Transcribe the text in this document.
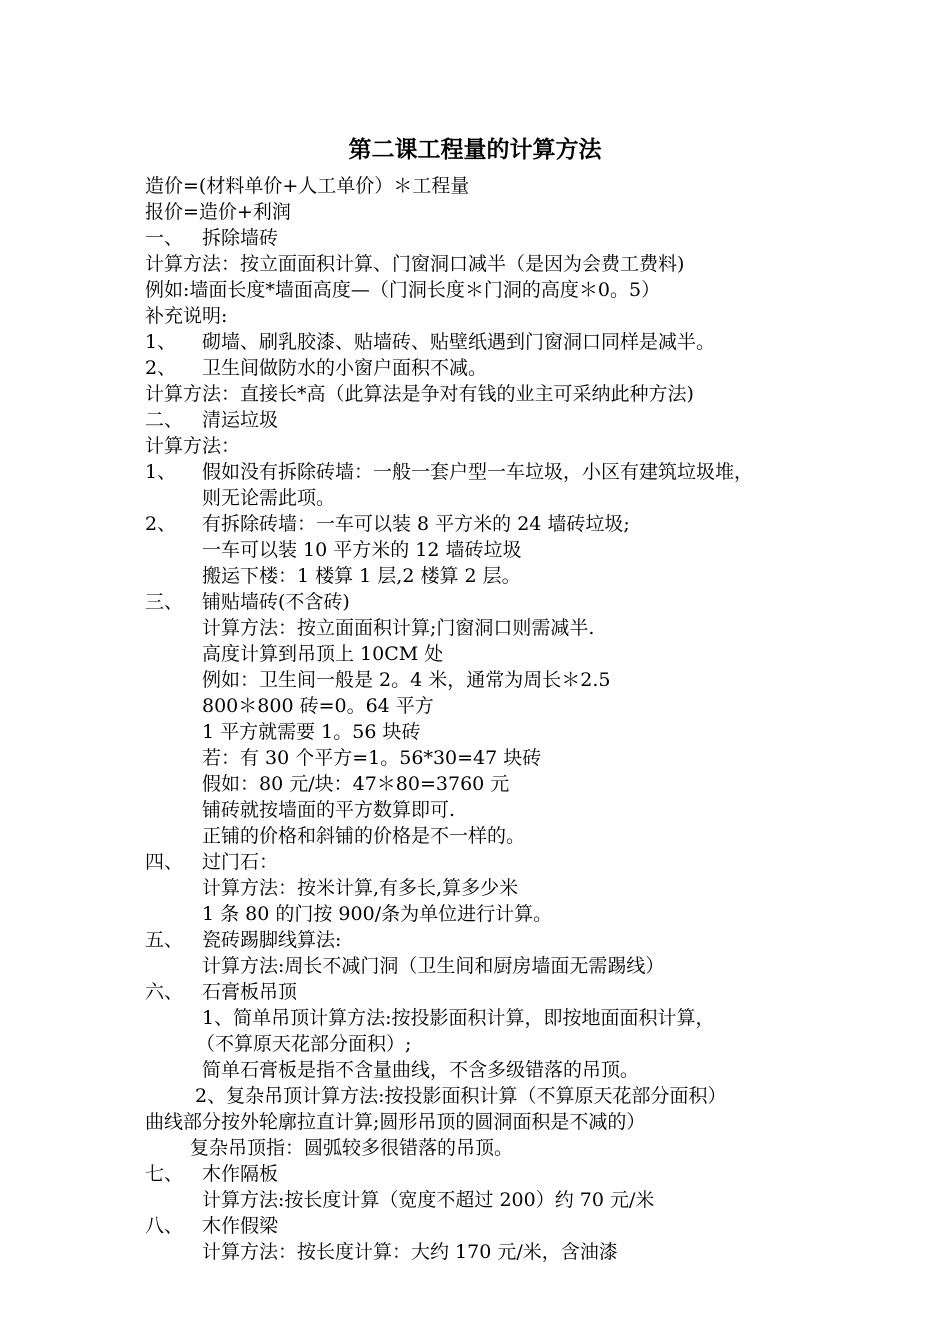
第二课工程量的计算方法
造价=(材料单价+人工单价）＊工程量
报价=造价+利润
一、 拆除墙砖
计算方法：按立面面积计算、门窗洞口减半（是因为会费工费料)
例如:墙面长度*墙面高度—（门洞长度＊门洞的高度＊0。5）
补充说明:
1、 砌墙、刷乳胶漆、贴墙砖、贴壁纸遇到门窗洞口同样是减半。
2、 卫生间做防水的小窗户面积不减。
计算方法：直接长*高（此算法是争对有钱的业主可采纳此种方法)
二、 清运垃圾
计算方法：
1、 假如没有拆除砖墙：一般一套户型一车垃圾，小区有建筑垃圾堆，
则无论需此项。
2、 有拆除砖墙：一车可以装 8 平方米的 24 墙砖垃圾;
一车可以装 10 平方米的 12 墙砖垃圾
搬运下楼：1 楼算 1 层,2 楼算 2 层。
三、 铺贴墙砖(不含砖)
计算方法：按立面面积计算;门窗洞口则需减半.
高度计算到吊顶上 10CM 处
例如：卫生间一般是 2。4 米，通常为周长＊2.5
800＊800 砖=0。64 平方
1 平方就需要 1。56 块砖
若：有 30 个平方=1。56*30=47 块砖
假如：80 元/块：47＊80=3760 元
铺砖就按墙面的平方数算即可.
正铺的价格和斜铺的价格是不一样的。
四、 过门石：
计算方法：按米计算,有多长,算多少米
1 条 80 的门按 900/条为单位进行计算。
五、 瓷砖踢脚线算法:
计算方法:周长不减门洞（卫生间和厨房墙面无需踢线）
六、 石膏板吊顶
1、简单吊顶计算方法:按投影面积计算，即按地面面积计算，
（不算原天花部分面积）;
简单石膏板是指不含量曲线，不含多级错落的吊顶。
2、复杂吊顶计算方法:按投影面积计算（不算原天花部分面积）
曲线部分按外轮廓拉直计算;圆形吊顶的圆洞面积是不减的）
复杂吊顶指：圆弧较多很错落的吊顶。
七、 木作隔板
计算方法:按长度计算（宽度不超过 200）约 70 元/米
八、 木作假梁
计算方法：按长度计算：大约 170 元/米，含油漆
